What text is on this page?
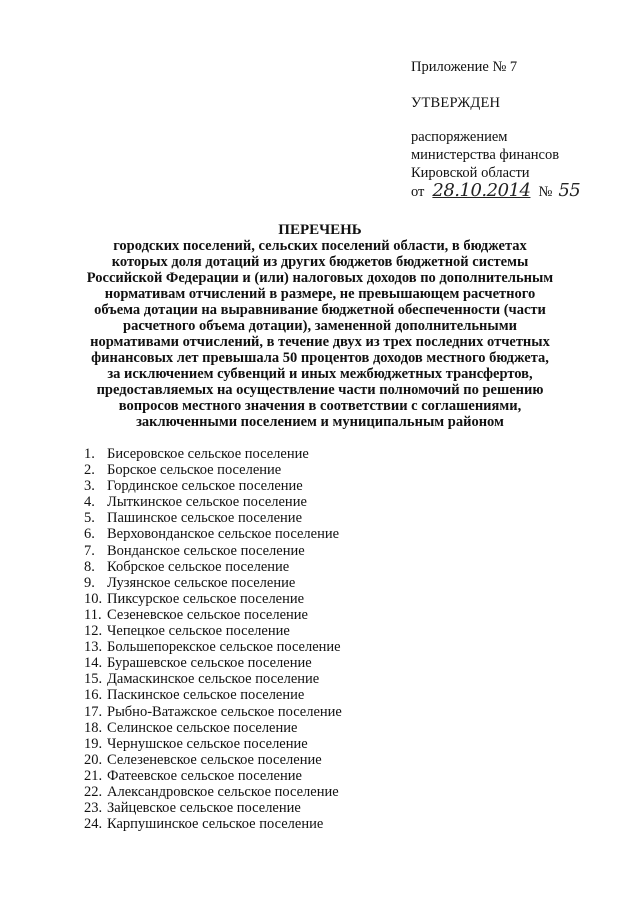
Приложение № 7
УТВЕРЖДЕН
распоряжением
министерства финансов
Кировской области
от 28.10.2014 № 55
ПЕРЕЧЕНЬ
городских поселений, сельских поселений области, в бюджетах
которых доля дотаций из других бюджетов бюджетной системы
Российской Федерации и (или) налоговых доходов по дополнительным
нормативам отчислений в размере, не превышающем расчетного
объема дотации на выравнивание бюджетной обеспеченности (части
расчетного объема дотации), замененной дополнительными
нормативами отчислений, в течение двух из трех последних отчетных
финансовых лет превышала 50 процентов доходов местного бюджета,
за исключением субвенций и иных межбюджетных трансфертов,
предоставляемых на осуществление части полномочий по решению
вопросов местного значения в соответствии с соглашениями,
заключенными поселением и муниципальным районом
1. Бисеровское сельское поселение
2. Борское сельское поселение
3. Гординское сельское поселение
4. Лыткинское сельское поселение
5. Пашинское сельское поселение
6. Верховонданское сельское поселение
7. Вонданское сельское поселение
8. Кобрское сельское поселение
9. Лузянское сельское поселение
10. Пиксурское сельское поселение
11. Сезеневское сельское поселение
12. Чепецкое сельское поселение
13. Большепорекское сельское поселение
14. Бурашевское сельское поселение
15. Дамаскинское сельское поселение
16. Паскинское сельское поселение
17. Рыбно-Ватажское сельское поселение
18. Селинское сельское поселение
19. Чернушское сельское поселение
20. Селезеневское сельское поселение
21. Фатеевское сельское поселение
22. Александровское сельское поселение
23. Зайцевское сельское поселение
24. Карпушинское сельское поселение
